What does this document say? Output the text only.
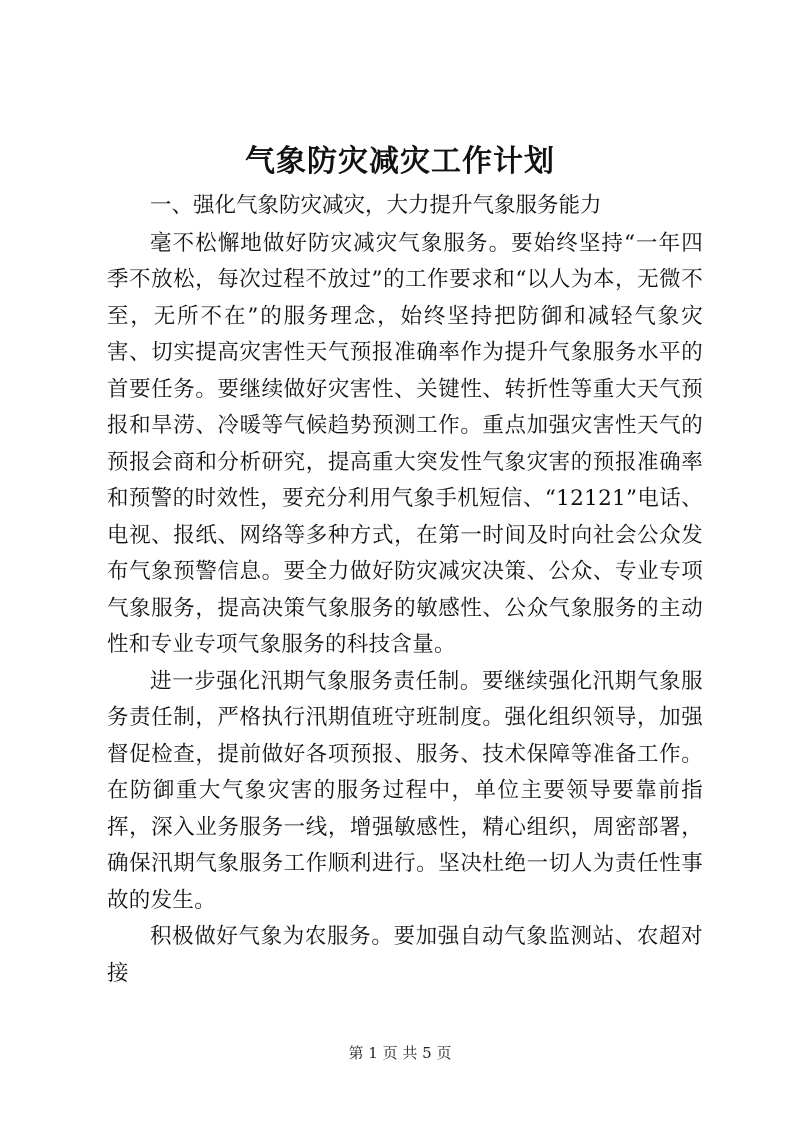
气象防灾减灾工作计划

一、强化气象防灾减灾，大力提升气象服务能力

毫不松懈地做好防灾减灾气象服务。要始终坚持“一年四季不放松，每次过程不放过”的工作要求和“以人为本，无微不至，无所不在”的服务理念，始终坚持把防御和减轻气象灾害、切实提高灾害性天气预报准确率作为提升气象服务水平的首要任务。要继续做好灾害性、关键性、转折性等重大天气预报和旱涝、冷暖等气候趋势预测工作。重点加强灾害性天气的预报会商和分析研究，提高重大突发性气象灾害的预报准确率和预警的时效性，要充分利用气象手机短信、“12121”电话、电视、报纸、网络等多种方式，在第一时间及时向社会公众发布气象预警信息。要全力做好防灾减灾决策、公众、专业专项气象服务，提高决策气象服务的敏感性、公众气象服务的主动性和专业专项气象服务的科技含量。

进一步强化汛期气象服务责任制。要继续强化汛期气象服务责任制，严格执行汛期值班守班制度。强化组织领导，加强督促检查，提前做好各项预报、服务、技术保障等准备工作。在防御重大气象灾害的服务过程中，单位主要领导要靠前指挥，深入业务服务一线，增强敏感性，精心组织，周密部署，确保汛期气象服务工作顺利进行。坚决杜绝一切人为责任性事故的发生。

积极做好气象为农服务。要加强自动气象监测站、农超对接

第 1 页 共 5 页
